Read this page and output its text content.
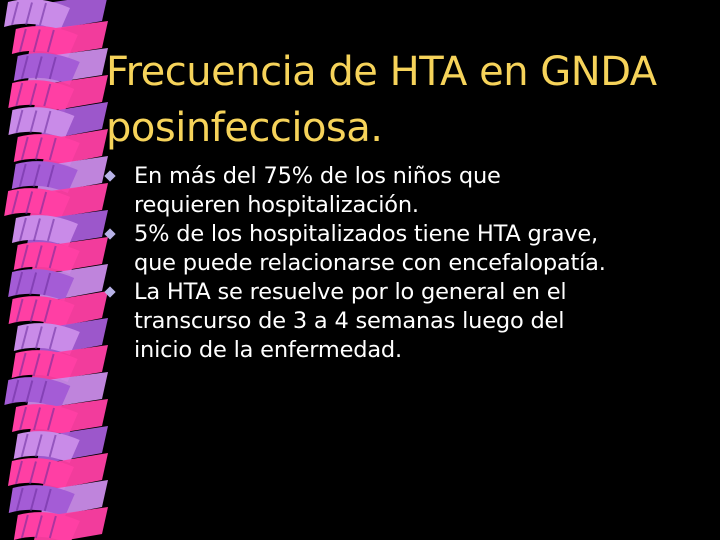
Frecuencia de HTA en GNDA
posinfecciosa.
En más del 75% de los niños que
requieren hospitalización.
5% de los hospitalizados tiene HTA grave,
que puede relacionarse con encefalopatía.
La HTA se resuelve por lo general en el
transcurso de 3 a 4 semanas luego del
inicio de la enfermedad.
